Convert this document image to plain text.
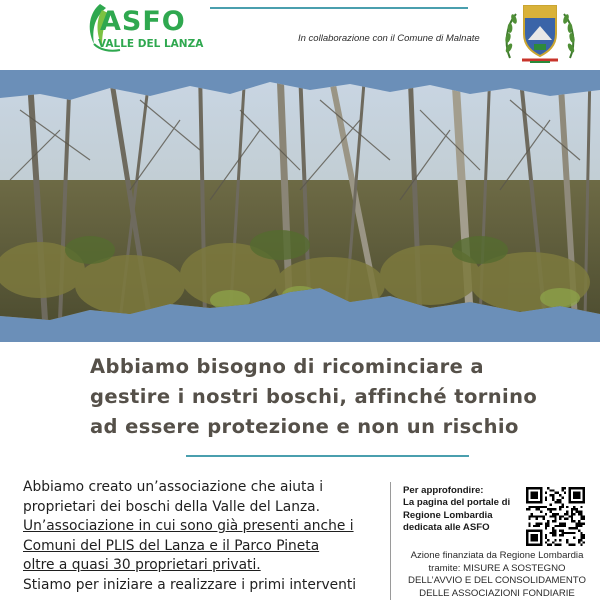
ASFO
VALLE DEL LANZA	In collaborazione con il Comune di Malnate
Abbiamo bisogno di ricominciare a
gestire i nostri boschi, affinché tornino
ad essere protezione e non un rischio
Abbiamo creato un’associazione che aiuta i
proprietari dei boschi della Valle del Lanza.
Un’associazione in cui sono già presenti anche i
Comuni del PLIS del Lanza e il Parco Pineta
oltre a quasi 30 proprietari privati.
Stiamo per iniziare a realizzare i primi interventi
Per approfondire:
La pagina del portale di
Regione Lombardia
dedicata alle ASFO
Azione finanziata da Regione Lombardia
tramite: MISURE A SOSTEGNO
DELL’AVVIO E DEL CONSOLIDAMENTO
DELLE ASSOCIAZIONI FONDIARIE
